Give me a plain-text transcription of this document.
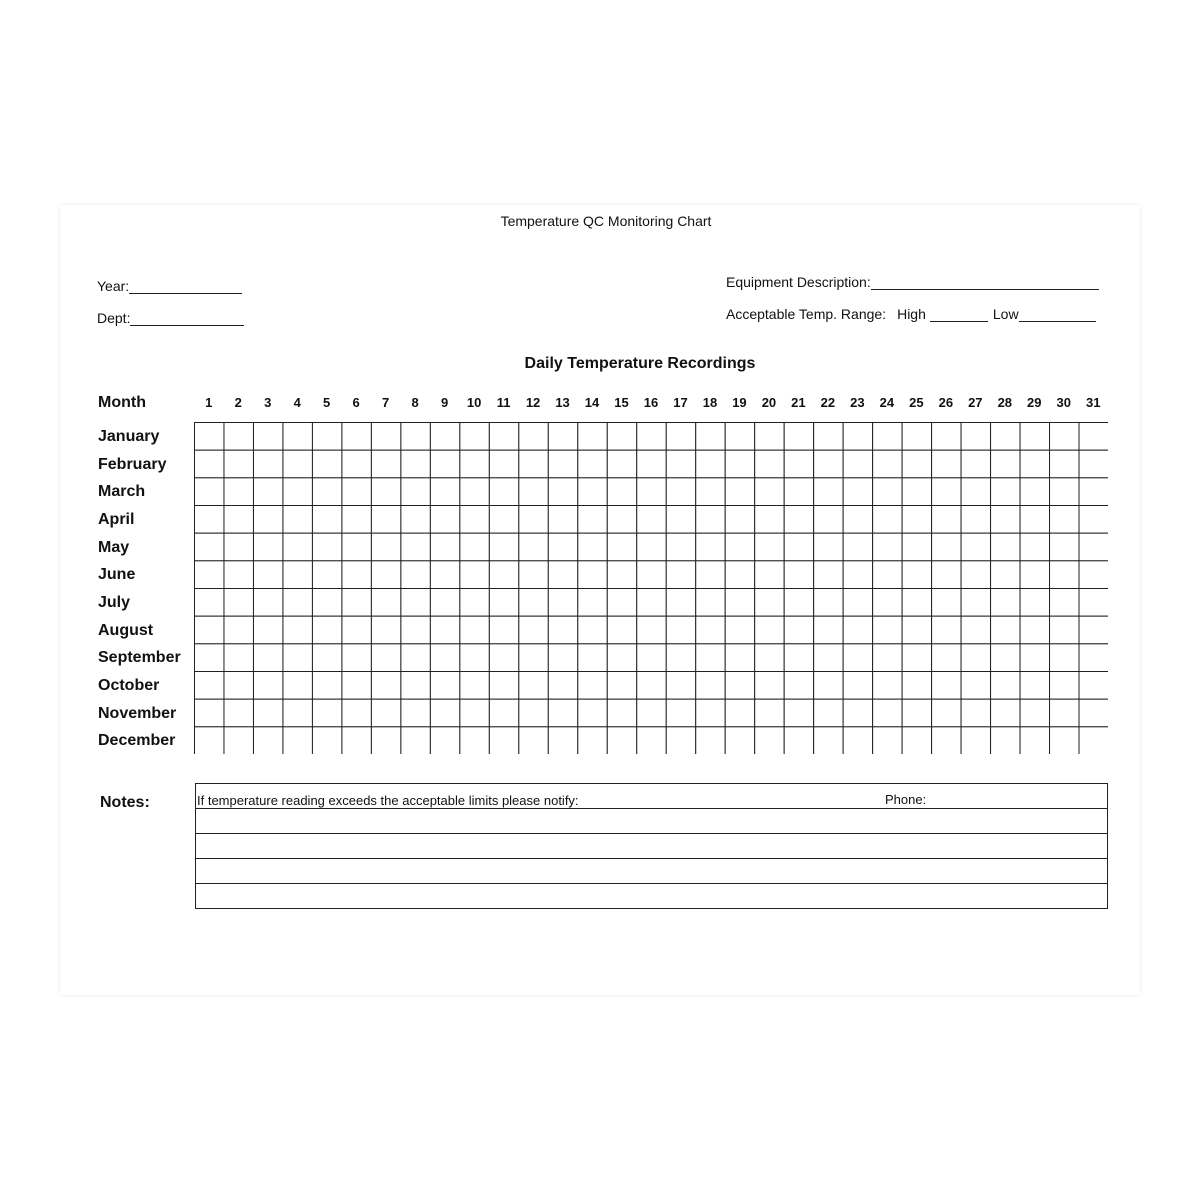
Temperature QC Monitoring Chart
Year:
Dept:
Equipment Description:
Acceptable Temp. Range: High	Low
Daily Temperature Recordings
Month	1	2	3	4	5	6	7	8	9	10	11	12	13	14	15	16	17	18	19	20	21	22	23	24	25	26	27	28	29	30	31
January
February
March
April
May
June
July
August
September
October
November
December
Notes:	If temperature reading exceeds the acceptable limits please notify:	Phone:
